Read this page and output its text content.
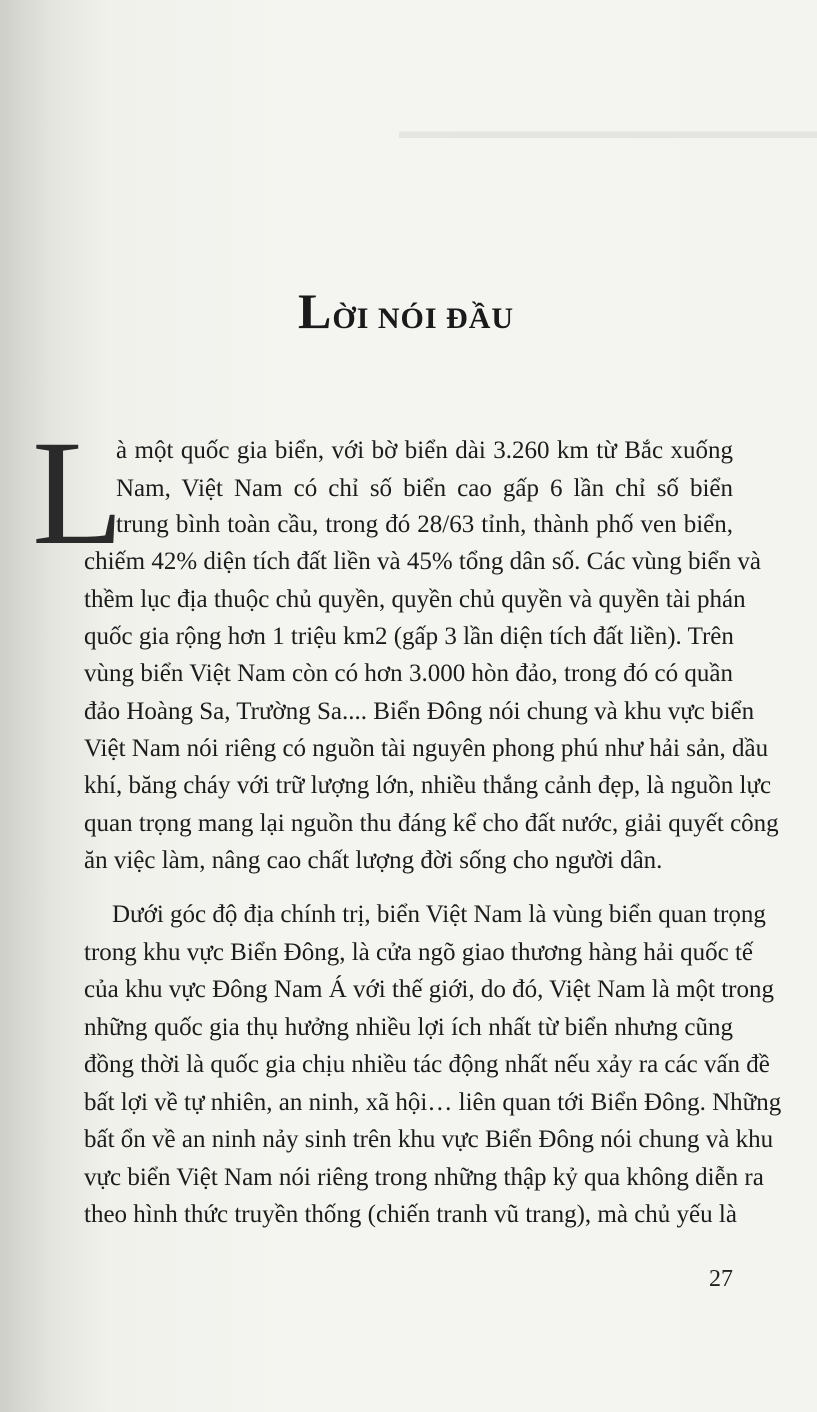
▬▬▬▬▬▬▬▬▬▬▬▬▬▬▬▬▬▬▬
LỜI NÓI ĐẦU
L

à một quốc gia biển, với bờ biển dài 3.260 km từ Bắc xuống

Nam, Việt Nam có chỉ số biển cao gấp 6 lần chỉ số biển

trung bình toàn cầu, trong đó 28/63 tỉnh, thành phố ven biển,

chiếm 42% diện tích đất liền và 45% tổng dân số. Các vùng biển và

thềm lục địa thuộc chủ quyền, quyền chủ quyền và quyền tài phán

quốc gia rộng hơn 1 triệu km2 (gấp 3 lần diện tích đất liền). Trên

vùng biển Việt Nam còn có hơn 3.000 hòn đảo, trong đó có quần

đảo Hoàng Sa, Trường Sa.... Biển Đông nói chung và khu vực biển

Việt Nam nói riêng có nguồn tài nguyên phong phú như hải sản, dầu

khí, băng cháy với trữ lượng lớn, nhiều thắng cảnh đẹp, là nguồn lực

quan trọng mang lại nguồn thu đáng kể cho đất nước, giải quyết công

ăn việc làm, nâng cao chất lượng đời sống cho người dân.

Dưới góc độ địa chính trị, biển Việt Nam là vùng biển quan trọng

trong khu vực Biển Đông, là cửa ngõ giao thương hàng hải quốc tế

của khu vực Đông Nam Á với thế giới, do đó, Việt Nam là một trong

những quốc gia thụ hưởng nhiều lợi ích nhất từ biển nhưng cũng

đồng thời là quốc gia chịu nhiều tác động nhất nếu xảy ra các vấn đề

bất lợi về tự nhiên, an ninh, xã hội… liên quan tới Biển Đông. Những

bất ổn về an ninh nảy sinh trên khu vực Biển Đông nói chung và khu

vực biển Việt Nam nói riêng trong những thập kỷ qua không diễn ra

theo hình thức truyền thống (chiến tranh vũ trang), mà chủ yếu là

27
